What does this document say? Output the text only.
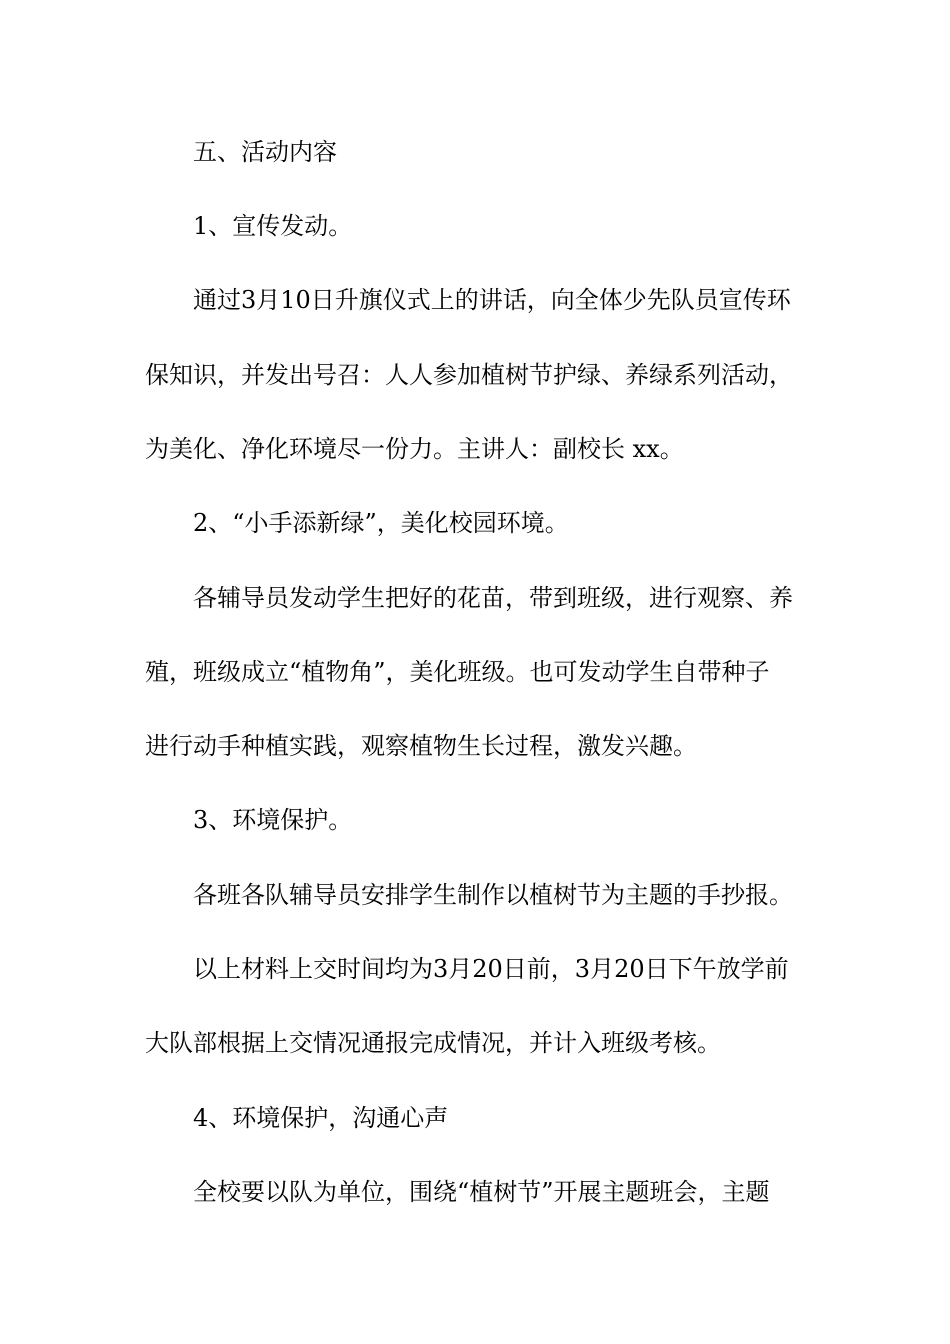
五、活动内容
1、宣传发动。
通过3月10日升旗仪式上的讲话，向全体少先队员宣传环
保知识，并发出号召：人人参加植树节护绿、养绿系列活动，
为美化、净化环境尽一份力。主讲人：副校长 xx。
2、“小手添新绿”，美化校园环境。
各辅导员发动学生把好的花苗，带到班级，进行观察、养
殖，班级成立“植物角”，美化班级。也可发动学生自带种子
进行动手种植实践，观察植物生长过程，激发兴趣。
3、环境保护。
各班各队辅导员安排学生制作以植树节为主题的手抄报。
以上材料上交时间均为3月20日前，3月20日下午放学前
大队部根据上交情况通报完成情况，并计入班级考核。
4、环境保护，沟通心声
全校要以队为单位，围绕“植树节”开展主题班会，主题
